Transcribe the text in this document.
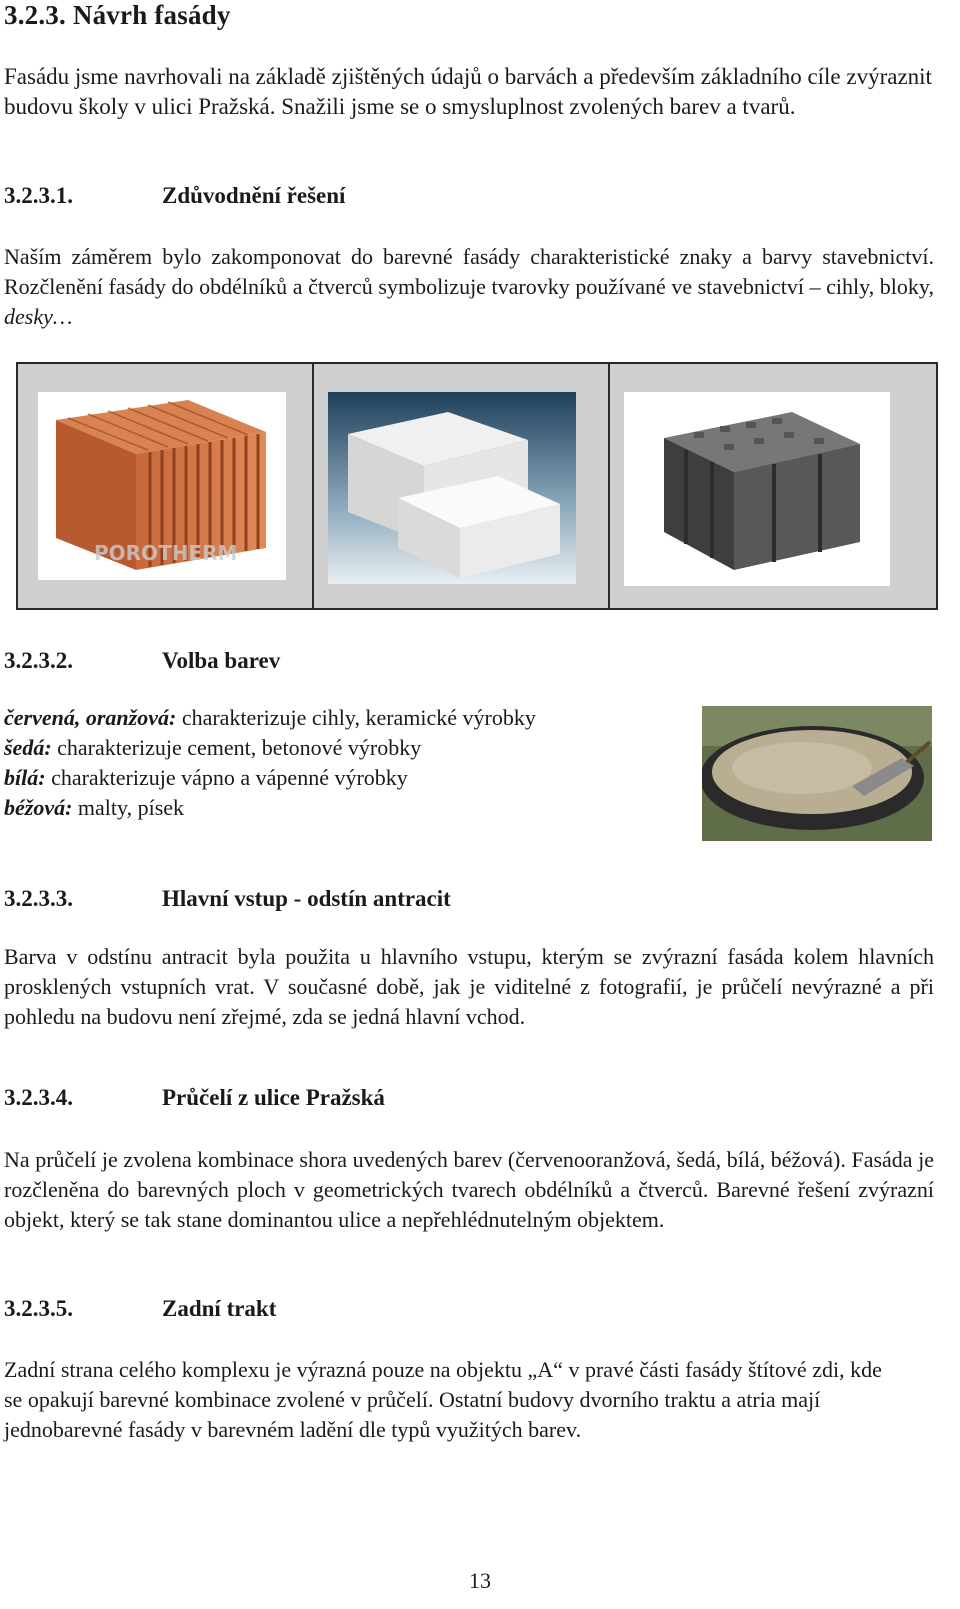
3.2.3. Návrh fasády
Fasádu jsme navrhovali na základě zjištěných údajů o barvách a především základního cíle zvýraznit budovu školy v ulici Pražská. Snažili jsme se o smysluplnost zvolených barev a tvarů.
3.2.3.1.	Zdůvodnění řešení
Naším záměrem bylo zakomponovat do barevné fasády charakteristické znaky a barvy stavebnictví. Rozčlenění fasády do obdélníků a čtverců symbolizuje tvarovky používané ve stavebnictví – cihly, bloky, desky…
POROTHERM
3.2.3.2.	Volba barev
červená, oranžová: charakterizuje cihly, keramické výrobky
šedá: charakterizuje cement, betonové výrobky
bílá: charakterizuje vápno a vápenné výrobky
béžová: malty, písek
3.2.3.3.	Hlavní vstup - odstín antracit
Barva v odstínu antracit byla použita u hlavního vstupu, kterým se zvýrazní fasáda kolem hlavních prosklených vstupních vrat. V současné době, jak je viditelné z fotografií, je průčelí nevýrazné a při pohledu na budovu není zřejmé, zda se jedná hlavní vchod.
3.2.3.4.	Průčelí z ulice Pražská
Na průčelí je zvolena kombinace shora uvedených barev (červenooranžová, šedá, bílá, béžová). Fasáda je rozčleněna do barevných ploch v geometrických tvarech obdélníků a čtverců. Barevné řešení zvýrazní objekt, který se tak stane dominantou ulice a nepřehlédnutelným objektem.
3.2.3.5.	Zadní trakt
Zadní strana celého komplexu je výrazná pouze na objektu „A“ v pravé části fasády štítové zdi, kde se opakují barevné kombinace zvolené v průčelí. Ostatní budovy dvorního traktu a atria mají jednobarevné fasády v barevném ladění dle typů využitých barev.
13
